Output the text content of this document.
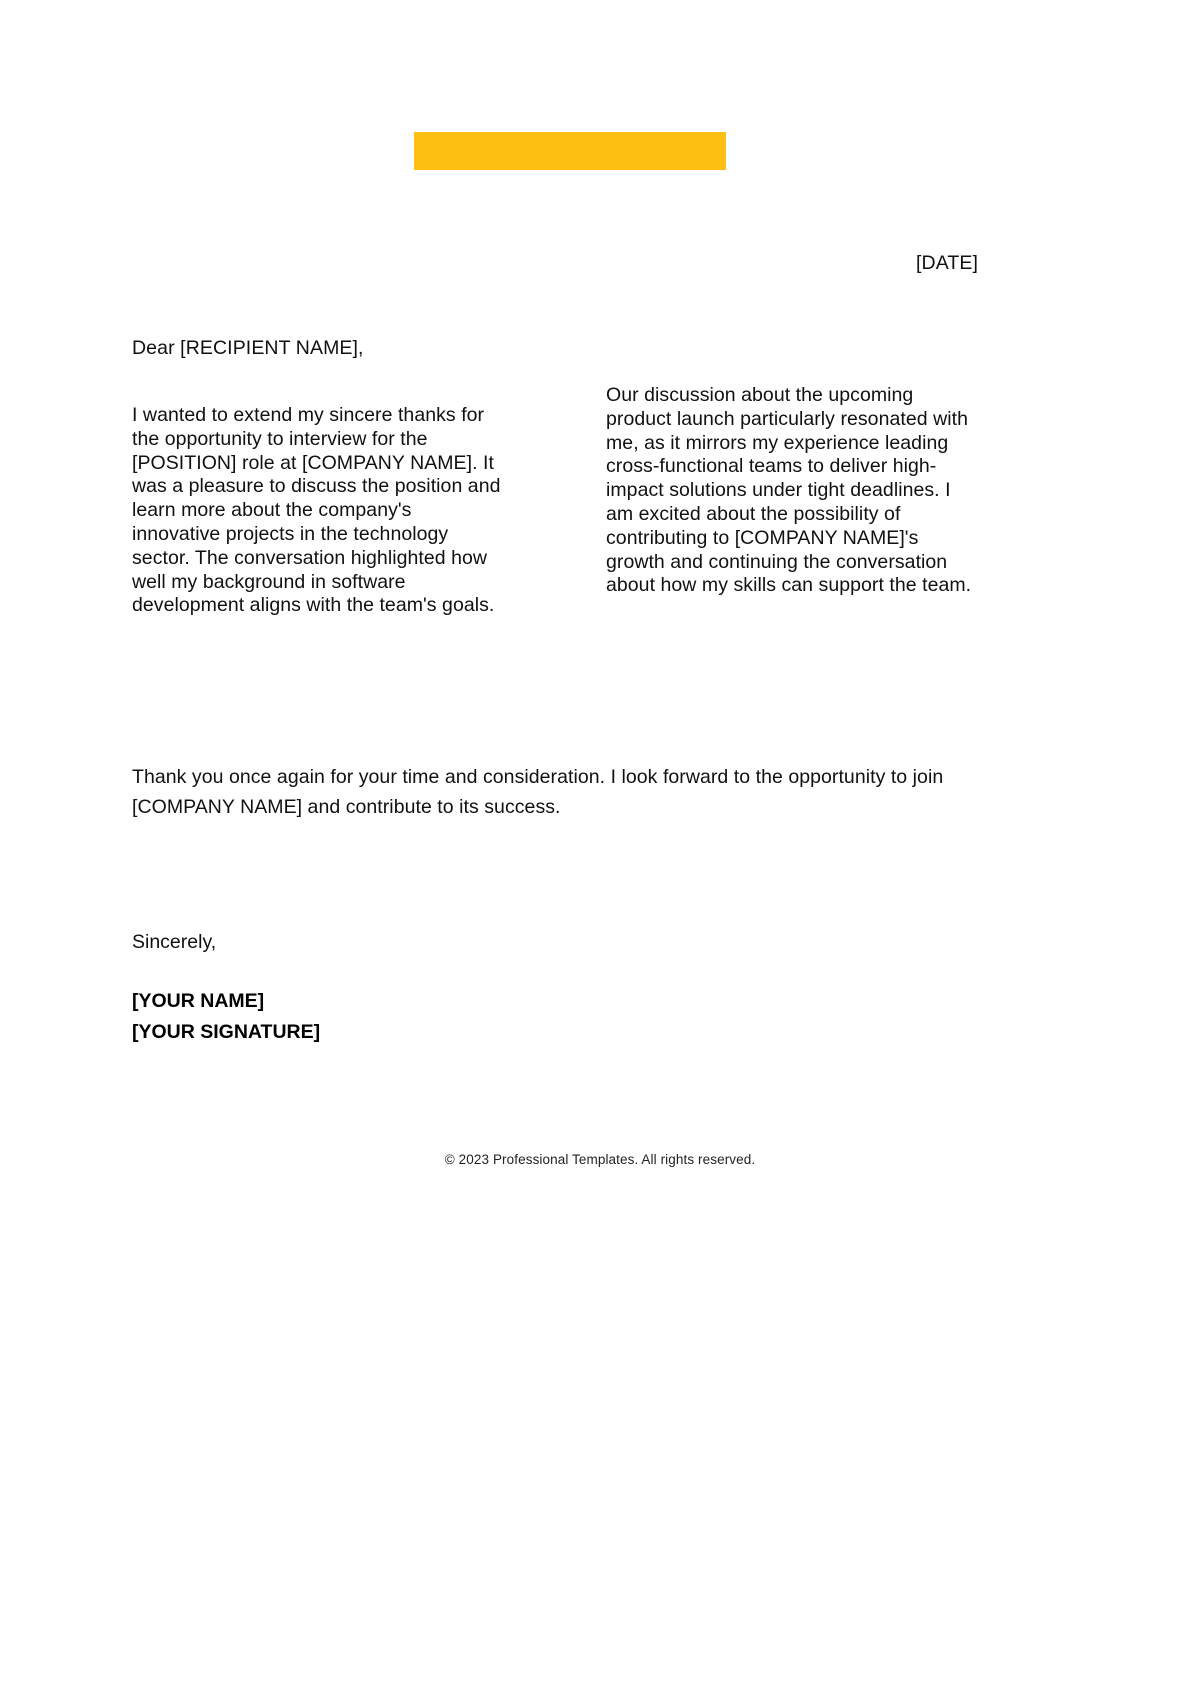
[DATE]
Dear [RECIPIENT NAME],
I wanted to extend my sincere thanks for the opportunity to interview for the [POSITION] role at [COMPANY NAME]. It was a pleasure to discuss the position and learn more about the company's innovative projects in the technology sector. The conversation highlighted how well my background in software development aligns with the team's goals.
Our discussion about the upcoming product launch particularly resonated with me, as it mirrors my experience leading cross-functional teams to deliver high-impact solutions under tight deadlines. I am excited about the possibility of contributing to [COMPANY NAME]'s growth and continuing the conversation about how my skills can support the team.
Thank you once again for your time and consideration. I look forward to the opportunity to join [COMPANY NAME] and contribute to its success.
Sincerely,
[YOUR NAME]
[YOUR SIGNATURE]
© 2023 Professional Templates. All rights reserved.
